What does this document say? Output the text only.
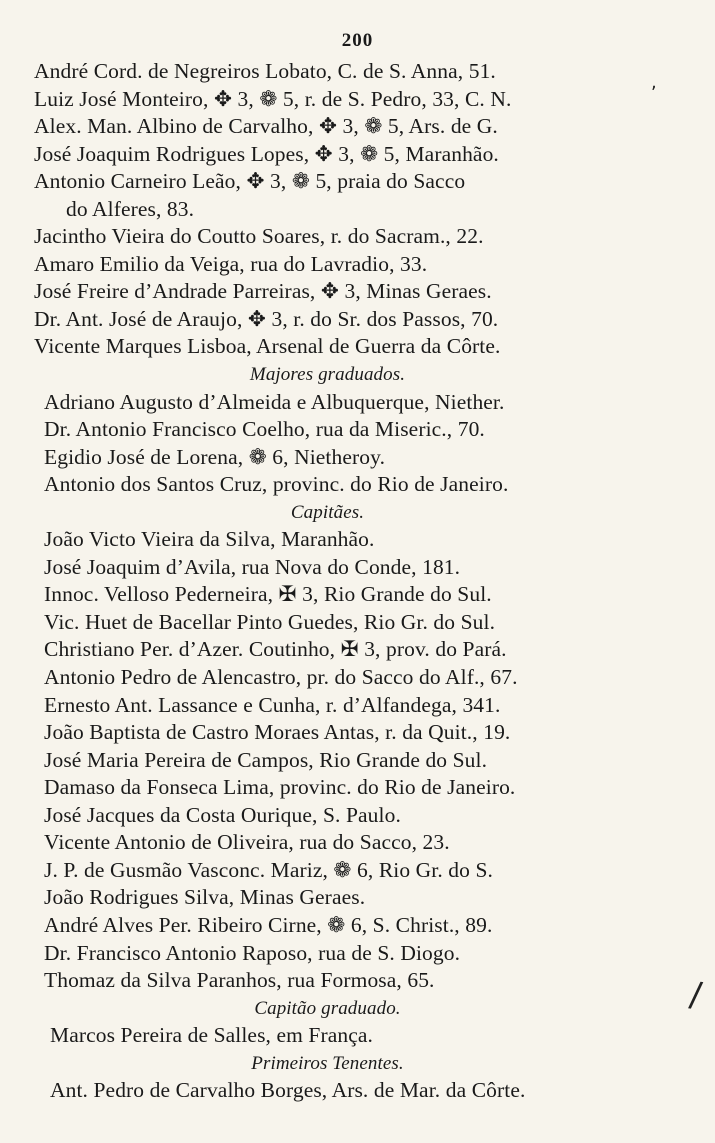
200
André Cord. de Negreiros Lobato, C. de S. Anna, 51.
Luiz José Monteiro, ✥ 3, ❁ 5, r. de S. Pedro, 33, C. N.
Alex. Man. Albino de Carvalho, ✥ 3, ❁ 5, Ars. de G.
José Joaquim Rodrigues Lopes, ✥ 3, ❁ 5, Maranhão.
Antonio Carneiro Leão, ✥ 3, ❁ 5, praia do Sacco
do Alferes, 83.
Jacintho Vieira do Coutto Soares, r. do Sacram., 22.
Amaro Emilio da Veiga, rua do Lavradio, 33.
José Freire d’Andrade Parreiras, ✥ 3, Minas Geraes.
Dr. Ant. José de Araujo, ✥ 3, r. do Sr. dos Passos, 70.
Vicente Marques Lisboa, Arsenal de Guerra da Côrte.
Majores graduados.
Adriano Augusto d’Almeida e Albuquerque, Niether.
Dr. Antonio Francisco Coelho, rua da Miseric., 70.
Egidio José de Lorena, ❁ 6, Nietheroy.
Antonio dos Santos Cruz, provinc. do Rio de Janeiro.
Capitães.
João Victo Vieira da Silva, Maranhão.
José Joaquim d’Avila, rua Nova do Conde, 181.
Innoc. Velloso Pederneira, ✠ 3, Rio Grande do Sul.
Vic. Huet de Bacellar Pinto Guedes, Rio Gr. do Sul.
Christiano Per. d’Azer. Coutinho, ✠ 3, prov. do Pará.
Antonio Pedro de Alencastro, pr. do Sacco do Alf., 67.
Ernesto Ant. Lassance e Cunha, r. d’Alfandega, 341.
João Baptista de Castro Moraes Antas, r. da Quit., 19.
José Maria Pereira de Campos, Rio Grande do Sul.
Damaso da Fonseca Lima, provinc. do Rio de Janeiro.
José Jacques da Costa Ourique, S. Paulo.
Vicente Antonio de Oliveira, rua do Sacco, 23.
J. P. de Gusmão Vasconc. Mariz, ❁ 6, Rio Gr. do S.
João Rodrigues Silva, Minas Geraes.
André Alves Per. Ribeiro Cirne, ❁ 6, S. Christ., 89.
Dr. Francisco Antonio Raposo, rua de S. Diogo.
Thomaz da Silva Paranhos, rua Formosa, 65.
Capitão graduado.
Marcos Pereira de Salles, em França.
Primeiros Tenentes.
Ant. Pedro de Carvalho Borges, Ars. de Mar. da Côrte.
,
/
